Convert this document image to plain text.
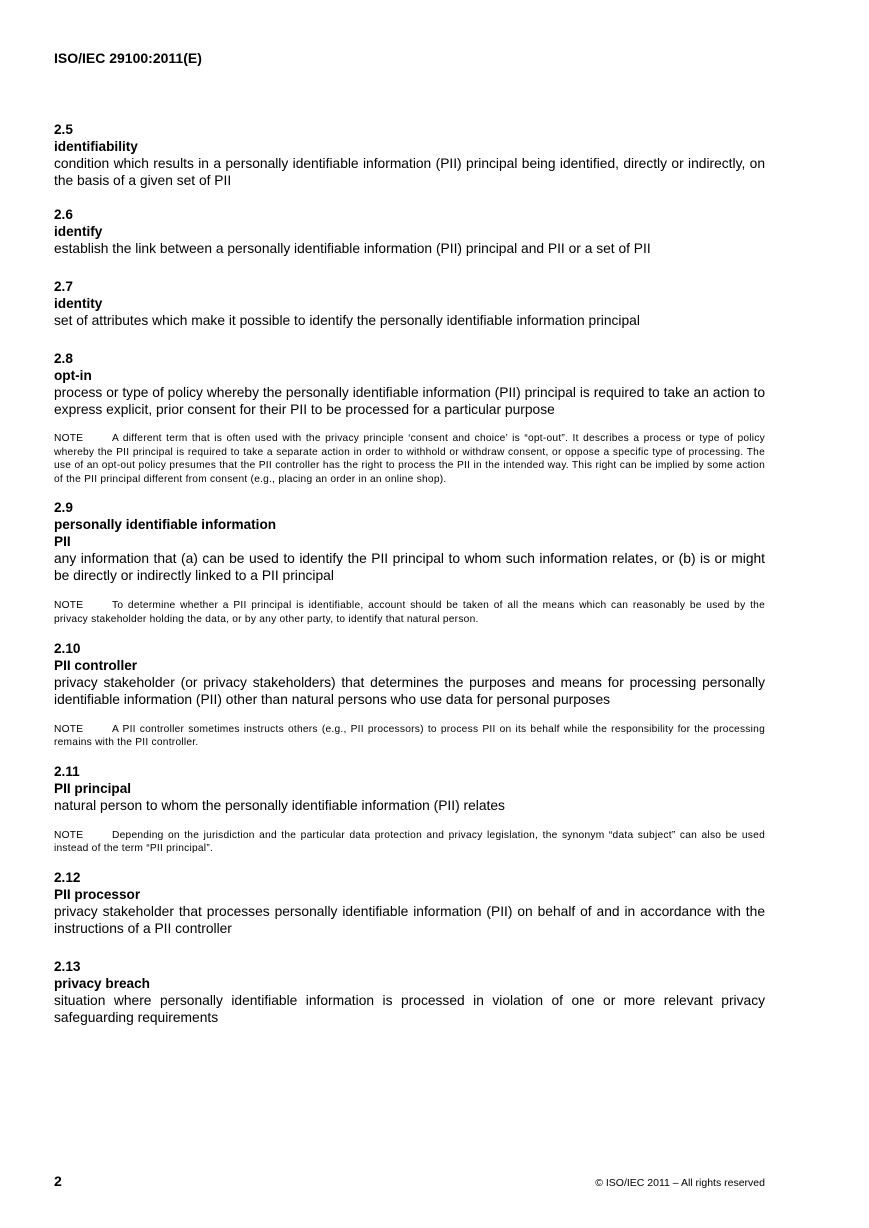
ISO/IEC 29100:2011(E)

2.5

identifiability

condition which results in a personally identifiable information (PII) principal being identified, directly or indirectly, on the basis of a given set of PII

2.6

identify

establish the link between a personally identifiable information (PII) principal and PII or a set of PII

2.7

identity

set of attributes which make it possible to identify the personally identifiable information principal

2.8

opt-in

process or type of policy whereby the personally identifiable information (PII) principal is required to take an action to express explicit, prior consent for their PII to be processed for a particular purpose

NOTE	A different term that is often used with the privacy principle ‘consent and choice’ is “opt-out”. It describes a process or type of policy whereby the PII principal is required to take a separate action in order to withhold or withdraw consent, or oppose a specific type of processing. The use of an opt-out policy presumes that the PII controller has the right to process the PII in the intended way. This right can be implied by some action of the PII principal different from consent (e.g., placing an order in an online shop).

2.9

personally identifiable information

PII

any information that (a) can be used to identify the PII principal to whom such information relates, or (b) is or might be directly or indirectly linked to a PII principal

NOTE	To determine whether a PII principal is identifiable, account should be taken of all the means which can reasonably be used by the privacy stakeholder holding the data, or by any other party, to identify that natural person.

2.10

PII controller

privacy stakeholder (or privacy stakeholders) that determines the purposes and means for processing personally identifiable information (PII) other than natural persons who use data for personal purposes

NOTE	A PII controller sometimes instructs others (e.g., PII processors) to process PII on its behalf while the responsibility for the processing remains with the PII controller.

2.11

PII principal

natural person to whom the personally identifiable information (PII) relates

NOTE	Depending on the jurisdiction and the particular data protection and privacy legislation, the synonym “data subject” can also be used instead of the term “PII principal”.

2.12

PII processor

privacy stakeholder that processes personally identifiable information (PII) on behalf of and in accordance with the instructions of a PII controller

2.13

privacy breach

situation where personally identifiable information is processed in violation of one or more relevant privacy safeguarding requirements

2	© ISO/IEC 2011 – All rights reserved
